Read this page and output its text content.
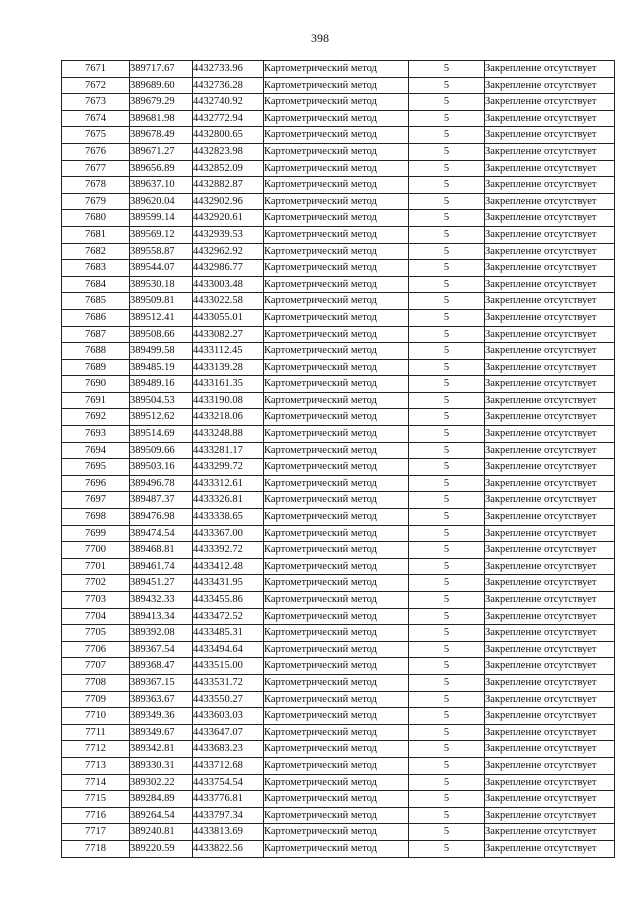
398
7671	389717.67	4432733.96	Картометрический метод	5	Закрепление отсутствует
7672	389689.60	4432736.28	Картометрический метод	5	Закрепление отсутствует
7673	389679.29	4432740.92	Картометрический метод	5	Закрепление отсутствует
7674	389681.98	4432772.94	Картометрический метод	5	Закрепление отсутствует
7675	389678.49	4432800.65	Картометрический метод	5	Закрепление отсутствует
7676	389671.27	4432823.98	Картометрический метод	5	Закрепление отсутствует
7677	389656.89	4432852.09	Картометрический метод	5	Закрепление отсутствует
7678	389637.10	4432882.87	Картометрический метод	5	Закрепление отсутствует
7679	389620.04	4432902.96	Картометрический метод	5	Закрепление отсутствует
7680	389599.14	4432920.61	Картометрический метод	5	Закрепление отсутствует
7681	389569.12	4432939.53	Картометрический метод	5	Закрепление отсутствует
7682	389558.87	4432962.92	Картометрический метод	5	Закрепление отсутствует
7683	389544.07	4432986.77	Картометрический метод	5	Закрепление отсутствует
7684	389530.18	4433003.48	Картометрический метод	5	Закрепление отсутствует
7685	389509.81	4433022.58	Картометрический метод	5	Закрепление отсутствует
7686	389512.41	4433055.01	Картометрический метод	5	Закрепление отсутствует
7687	389508.66	4433082.27	Картометрический метод	5	Закрепление отсутствует
7688	389499.58	4433112.45	Картометрический метод	5	Закрепление отсутствует
7689	389485.19	4433139.28	Картометрический метод	5	Закрепление отсутствует
7690	389489.16	4433161.35	Картометрический метод	5	Закрепление отсутствует
7691	389504.53	4433190.08	Картометрический метод	5	Закрепление отсутствует
7692	389512.62	4433218.06	Картометрический метод	5	Закрепление отсутствует
7693	389514.69	4433248.88	Картометрический метод	5	Закрепление отсутствует
7694	389509.66	4433281.17	Картометрический метод	5	Закрепление отсутствует
7695	389503.16	4433299.72	Картометрический метод	5	Закрепление отсутствует
7696	389496.78	4433312.61	Картометрический метод	5	Закрепление отсутствует
7697	389487.37	4433326.81	Картометрический метод	5	Закрепление отсутствует
7698	389476.98	4433338.65	Картометрический метод	5	Закрепление отсутствует
7699	389474.54	4433367.00	Картометрический метод	5	Закрепление отсутствует
7700	389468.81	4433392.72	Картометрический метод	5	Закрепление отсутствует
7701	389461.74	4433412.48	Картометрический метод	5	Закрепление отсутствует
7702	389451.27	4433431.95	Картометрический метод	5	Закрепление отсутствует
7703	389432.33	4433455.86	Картометрический метод	5	Закрепление отсутствует
7704	389413.34	4433472.52	Картометрический метод	5	Закрепление отсутствует
7705	389392.08	4433485.31	Картометрический метод	5	Закрепление отсутствует
7706	389367.54	4433494.64	Картометрический метод	5	Закрепление отсутствует
7707	389368.47	4433515.00	Картометрический метод	5	Закрепление отсутствует
7708	389367.15	4433531.72	Картометрический метод	5	Закрепление отсутствует
7709	389363.67	4433550.27	Картометрический метод	5	Закрепление отсутствует
7710	389349.36	4433603.03	Картометрический метод	5	Закрепление отсутствует
7711	389349.67	4433647.07	Картометрический метод	5	Закрепление отсутствует
7712	389342.81	4433683.23	Картометрический метод	5	Закрепление отсутствует
7713	389330.31	4433712.68	Картометрический метод	5	Закрепление отсутствует
7714	389302.22	4433754.54	Картометрический метод	5	Закрепление отсутствует
7715	389284.89	4433776.81	Картометрический метод	5	Закрепление отсутствует
7716	389264.54	4433797.34	Картометрический метод	5	Закрепление отсутствует
7717	389240.81	4433813.69	Картометрический метод	5	Закрепление отсутствует
7718	389220.59	4433822.56	Картометрический метод	5	Закрепление отсутствует
